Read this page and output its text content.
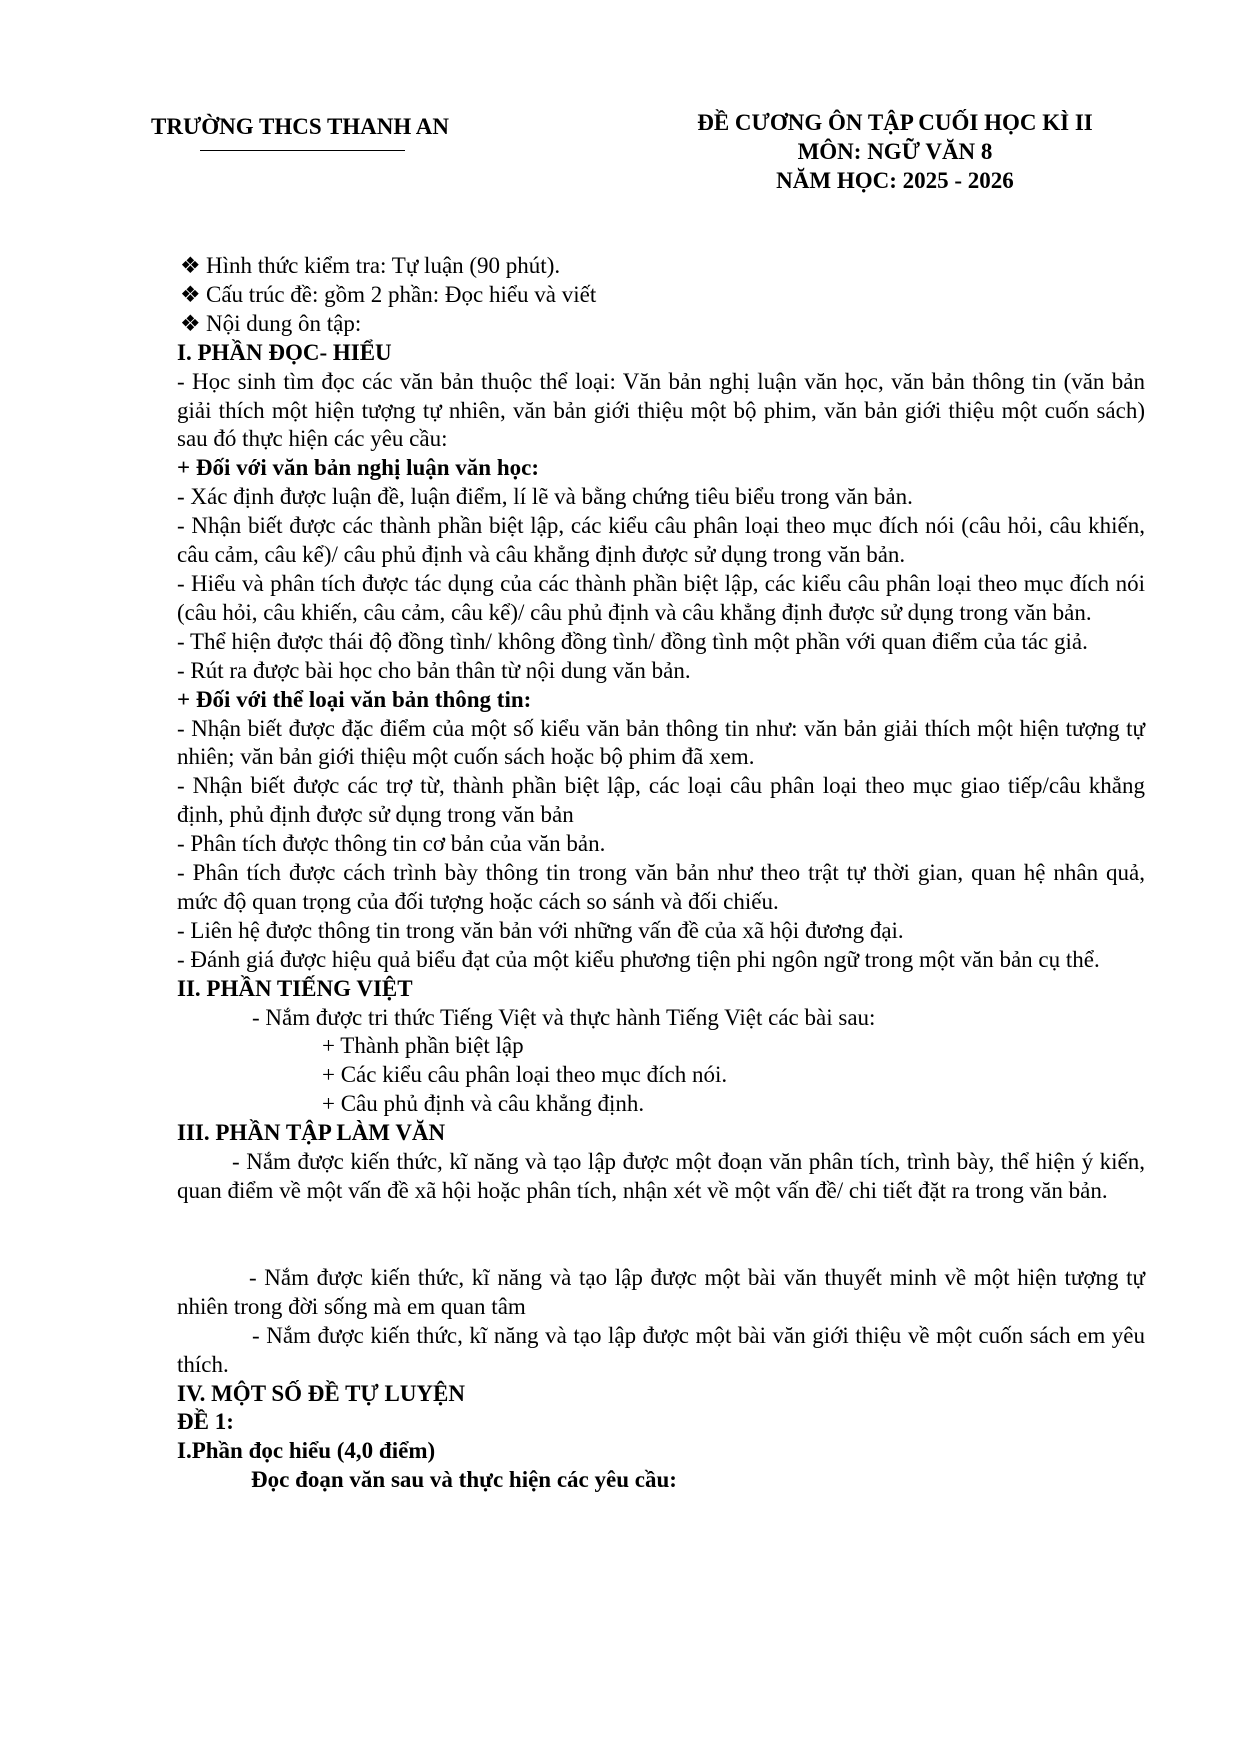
TRƯỜNG THCS THANH AN	ĐỀ CƯƠNG ÔN TẬP CUỐI HỌC KÌ II
MÔN: NGỮ VĂN 8
NĂM HỌC: 2025 - 2026

❖ Hình thức kiểm tra: Tự luận (90 phút).

❖ Cấu trúc đề: gồm 2 phần: Đọc hiểu và viết

❖ Nội dung ôn tập:

I. PHẦN ĐỌC- HIỂU

- Học sinh tìm đọc các văn bản thuộc thể loại: Văn bản nghị luận văn học, văn bản thông tin (văn bản giải thích một hiện tượng tự nhiên, văn bản giới thiệu một bộ phim, văn bản giới thiệu một cuốn sách) sau đó thực hiện các yêu cầu:

+ Đối với văn bản nghị luận văn học:

- Xác định được luận đề, luận điểm, lí lẽ và bằng chứng tiêu biểu trong văn bản.

- Nhận biết được các thành phần biệt lập, các kiểu câu phân loại theo mục đích nói (câu hỏi, câu khiến, câu cảm, câu kể)/ câu phủ định và câu khẳng định được sử dụng trong văn bản.

- Hiểu và phân tích được tác dụng của các thành phần biệt lập, các kiểu câu phân loại theo mục đích nói (câu hỏi, câu khiến, câu cảm, câu kể)/ câu phủ định và câu khẳng định được sử dụng trong văn bản.

- Thể hiện được thái độ đồng tình/ không đồng tình/ đồng tình một phần với quan điểm của tác giả.

- Rút ra được bài học cho bản thân từ nội dung văn bản.

+ Đối với thể loại văn bản thông tin:

- Nhận biết được đặc điểm của một số kiểu văn bản thông tin như: văn bản giải thích một hiện tượng tự nhiên; văn bản giới thiệu một cuốn sách hoặc bộ phim đã xem.

- Nhận biết được các trợ từ, thành phần biệt lập, các loại câu phân loại theo mục giao tiếp/câu khẳng định, phủ định được sử dụng trong văn bản

- Phân tích được thông tin cơ bản của văn bản.

- Phân tích được cách trình bày thông tin trong văn bản như theo trật tự thời gian, quan hệ nhân quả, mức độ quan trọng của đối tượng hoặc cách so sánh và đối chiếu.

- Liên hệ được thông tin trong văn bản với những vấn đề của xã hội đương đại.

- Đánh giá được hiệu quả biểu đạt của một kiểu phương tiện phi ngôn ngữ trong một văn bản cụ thể.

II. PHẦN TIẾNG VIỆT

- Nắm được tri thức Tiếng Việt và thực hành Tiếng Việt các bài sau:

+ Thành phần biệt lập

+ Các kiểu câu phân loại theo mục đích nói.

+ Câu phủ định và câu khẳng định.

III. PHẦN TẬP LÀM VĂN

- Nắm được kiến thức, kĩ năng và tạo lập được một đoạn văn phân tích, trình bày, thể hiện ý kiến, quan điểm về một vấn đề xã hội hoặc phân tích, nhận xét về một vấn đề/ chi tiết đặt ra trong văn bản.

- Nắm được kiến thức, kĩ năng và tạo lập được một bài văn thuyết minh về một hiện tượng tự nhiên trong đời sống mà em quan tâm

- Nắm được kiến thức, kĩ năng và tạo lập được một bài văn giới thiệu về một cuốn sách em yêu thích.

IV. MỘT SỐ ĐỀ TỰ LUYỆN

ĐỀ 1:

I.Phần đọc hiểu (4,0 điểm)

Đọc đoạn văn sau và thực hiện các yêu cầu:
